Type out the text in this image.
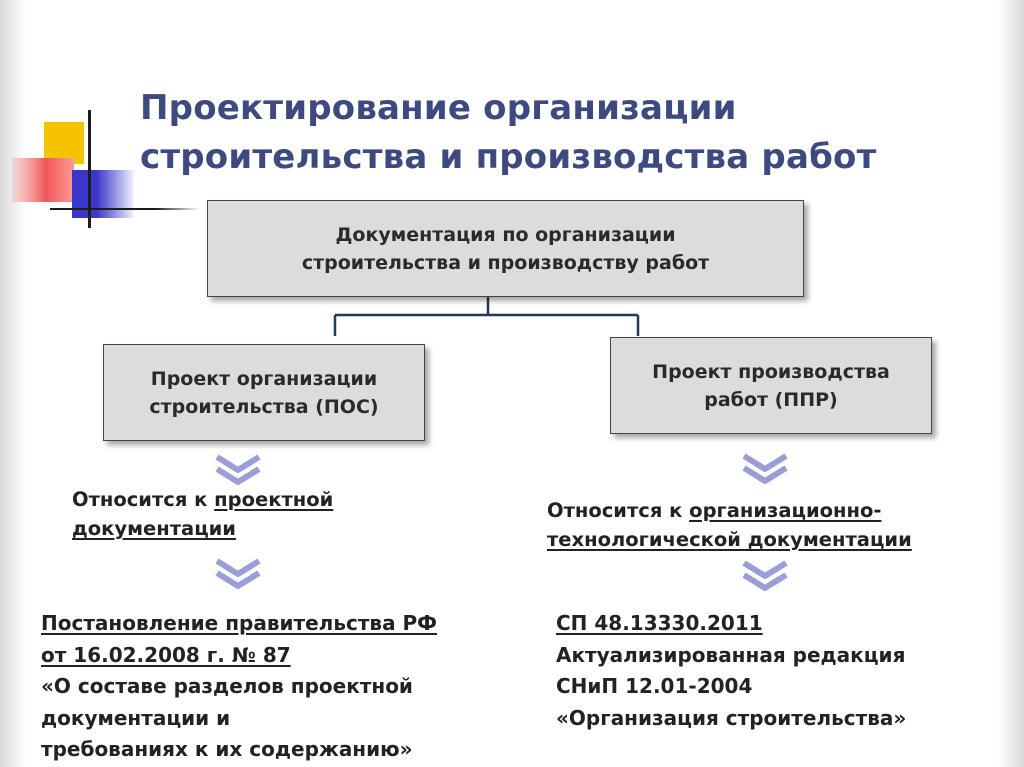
Проектирование организации
строительства и производства работ
Документация по организации
строительства и производству работ
Проект организации
строительства (ПОС)
Проект производства
работ (ППР)
Относится к проектной
документации
Относится к организационно-
технологической документации
Постановление правительства РФ
от 16.02.2008 г. № 87
«О составе разделов проектной
документации и
требованиях к их содержанию»
СП 48.13330.2011
Актуализированная редакция
СНиП 12.01-2004
«Организация строительства»
